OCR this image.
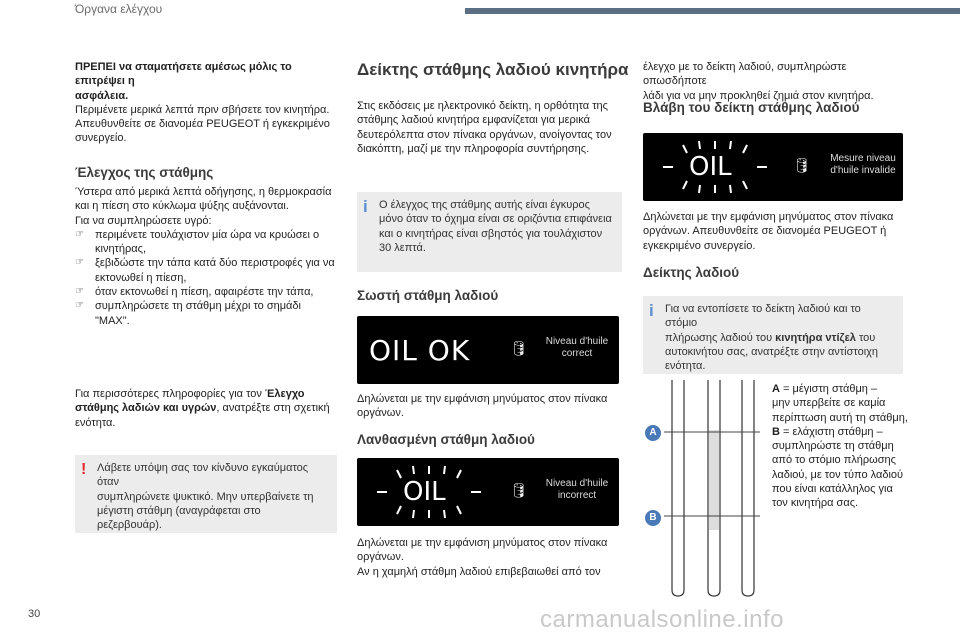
Όργανα ελέγχου

ΠΡΕΠΕΙ να σταματήσετε αμέσως μόλις το επιτρέψει η

ασφάλεια.

Περιμένετε μερικά λεπτά πριν σβήσετε τον κινητήρα.

Απευθυνθείτε σε διανομέα PEUGEOT ή εγκεκριμένο

συνεργείο.

Έλεγχος της στάθμης

Ύστερα από μερικά λεπτά οδήγησης, η θερμοκρασία

και η πίεση στο κύκλωμα ψύξης αυξάνονται.

Για να συμπληρώσετε υγρό:

☞ περιμένετε τουλάχιστον μία ώρα να κρυώσει ο
κινητήρας,
☞ ξεβιδώστε την τάπα κατά δύο περιστροφές για να
εκτονωθεί η πίεση,
☞ όταν εκτονωθεί η πίεση, αφαιρέστε την τάπα,
☞ συμπληρώσετε τη στάθμη μέχρι το σημάδι "MAX".

Για περισσότερες πληροφορίες για τον Έλεγχο

στάθμης λαδιών και υγρών, ανατρέξτε στη σχετική

ενότητα.

! Λάβετε υπόψη σας τον κίνδυνο εγκαύματος όταν

συμπληρώνετε ψυκτικό. Μην υπερβαίνετε τη

μέγιστη στάθμη (αναγράφεται στο ρεζερβουάρ).

Δείκτης στάθμης λαδιού κινητήρα

Στις εκδόσεις με ηλεκτρονικό δείκτη, η ορθότητα της

στάθμης λαδιού κινητήρα εμφανίζεται για μερικά

δευτερόλεπτα στον πίνακα οργάνων, ανοίγοντας τον

διακόπτη, μαζί με την πληροφορία συντήρησης.

i Ο έλεγχος της στάθμης αυτής είναι έγκυρος

μόνο όταν το όχημα είναι σε οριζόντια επιφάνεια

και ο κινητήρας είναι σβηστός για τουλάχιστον

30 λεπτά.

Σωστή στάθμη λαδιού
OIL OK	🛢	Niveau d'huile
correct

Δηλώνεται με την εμφάνιση μηνύματος στον πίνακα

οργάνων.

Λανθασμένη στάθμη λαδιού
OIL	🛢	Niveau d'huile
incorrect

Δηλώνεται με την εμφάνιση μηνύματος στον πίνακα

οργάνων.

Αν η χαμηλή στάθμη λαδιού επιβεβαιωθεί από τον

έλεγχο με το δείκτη λαδιού, συμπληρώστε οπωσδήποτε

λάδι για να μην προκληθεί ζημιά στον κινητήρα.

Βλάβη του δείκτη στάθμης λαδιού
OIL	🛢	Mesure niveau
d'huile invalide

Δηλώνεται με την εμφάνιση μηνύματος στον πίνακα

οργάνων. Απευθυνθείτε σε διανομέα PEUGEOT ή

εγκεκριμένο συνεργείο.

Δείκτης λαδιού
i Για να εντοπίσετε το δείκτη λαδιού και το στόμιο

πλήρωσης λαδιού του κινητήρα ντίζελ του

αυτοκινήτου σας, ανατρέξτε στην αντίστοιχη

ενότητα.

A
B

A = μέγιστη στάθμη –

μην υπερβείτε σε καμία

περίπτωση αυτή τη στάθμη,

B = ελάχιστη στάθμη –

συμπληρώστε τη στάθμη

από το στόμιο πλήρωσης

λαδιού, με τον τύπο λαδιού

που είναι κατάλληλος για

τον κινητήρα σας.

30	carmanualsonline.info
